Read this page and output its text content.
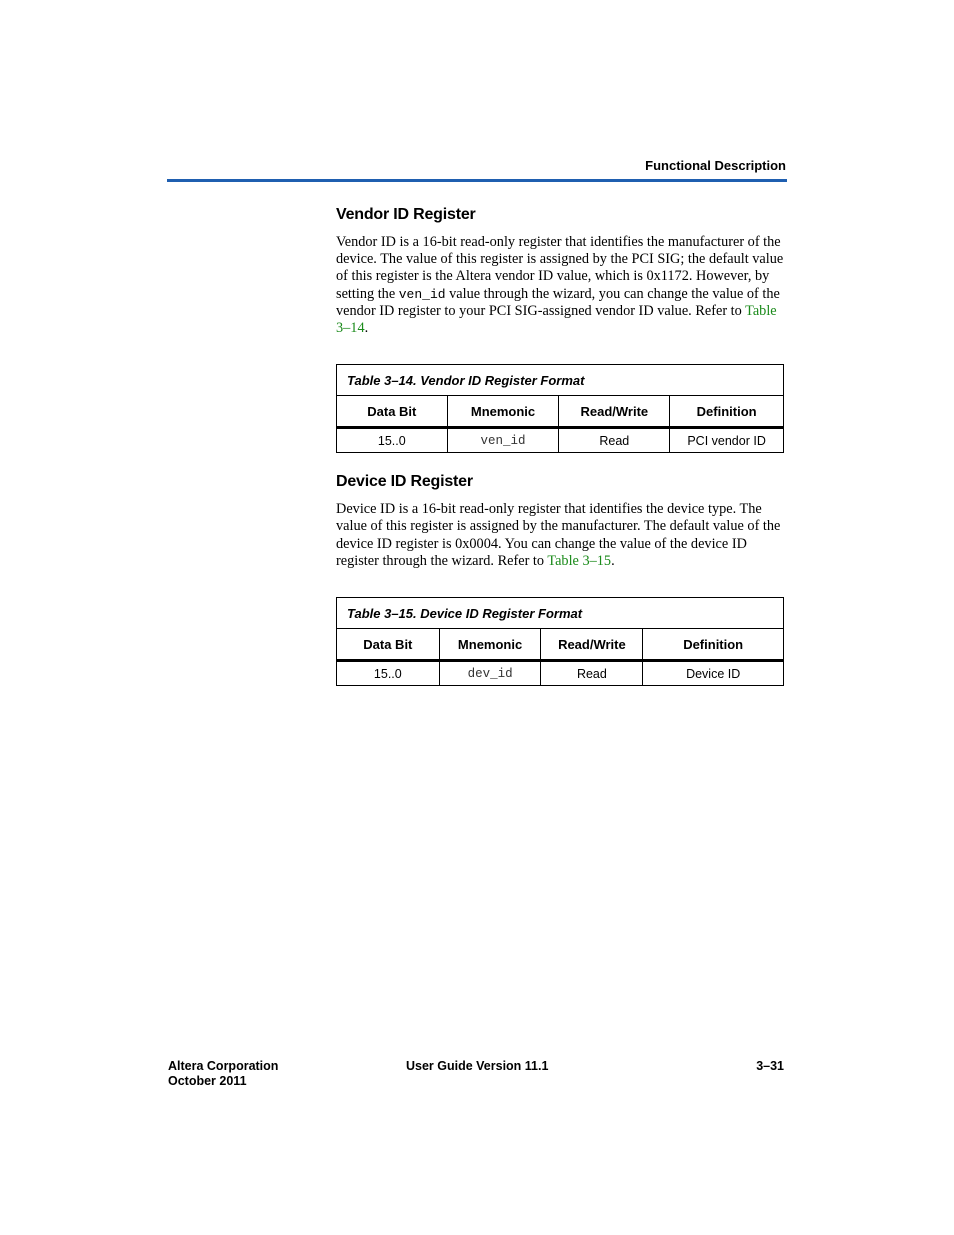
Functional Description
Vendor ID Register

Vendor ID is a 16-bit read-only register that identifies the manufacturer of the device. The value of this register is assigned by the PCI SIG; the default value of this register is the Altera vendor ID value, which is 0x1172. However, by setting the ven_id value through the wizard, you can change the value of the vendor ID register to your PCI SIG-assigned vendor ID value. Refer to Table 3–14.

Table 3–14. Vendor ID Register Format			
Data Bit	Mnemonic	Read/Write	Definition
15..0	ven_id	Read	PCI vendor ID
Device ID Register

Device ID is a 16-bit read-only register that identifies the device type. The value of this register is assigned by the manufacturer. The default value of the device ID register is 0x0004. You can change the value of the device ID register through the wizard. Refer to Table 3–15.

Table 3–15. Device ID Register Format			
Data Bit	Mnemonic	Read/Write	Definition
15..0	dev_id	Read	Device ID
Altera Corporation
October 2011
User Guide Version 11.1	3–31
